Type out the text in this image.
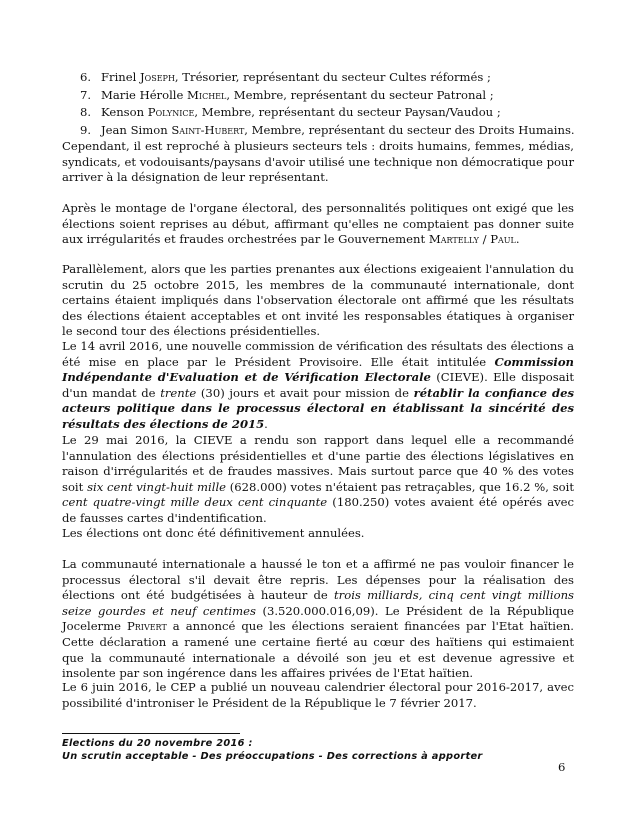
6. Frinel Joseph, Trésorier, représentant du secteur Cultes réformés ;
7. Marie Hérolle Michel, Membre, représentant du secteur Patronal ;
8. Kenson Polynice, Membre, représentant du secteur Paysan/Vaudou ;
9. Jean Simon Saint-Hubert, Membre, représentant du secteur des Droits Humains.

Cependant, il est reproché à plusieurs secteurs tels : droits humains, femmes, médias, syndicats, et vodouisants/paysans d'avoir utilisé une technique non démocratique pour arriver à la désignation de leur représentant.

Après le montage de l'organe électoral, des personnalités politiques ont exigé que les élections soient reprises au début, affirmant qu'elles ne comptaient pas donner suite aux irrégularités et fraudes orchestrées par le Gouvernement Martelly / Paul.

Parallèlement, alors que les parties prenantes aux élections exigeaient l'annulation du scrutin du 25 octobre 2015, les membres de la communauté internationale, dont certains étaient impliqués dans l'observation électorale ont affirmé que les résultats des élections étaient acceptables et ont invité les responsables étatiques à organiser le second tour des élections présidentielles.

Le 14 avril 2016, une nouvelle commission de vérification des résultats des élections a été mise en place par le Président Provisoire. Elle était intitulée Commission Indépendante d'Evaluation et de Vérification Electorale (CIEVE). Elle disposait d'un mandat de trente (30) jours et avait pour mission de rétablir la confiance des acteurs politique dans le processus électoral en établissant la sincérité des résultats des élections de 2015.

Le 29 mai 2016, la CIEVE a rendu son rapport dans lequel elle a recommandé l'annulation des élections présidentielles et d'une partie des élections législatives en raison d'irrégularités et de fraudes massives. Mais surtout parce que 40 % des votes soit six cent vingt-huit mille (628.000) votes n'étaient pas retraçables, que 16.2 %, soit cent quatre-vingt mille deux cent cinquante (180.250) votes avaient été opérés avec de fausses cartes d'indentification.

Les élections ont donc été définitivement annulées.

La communauté internationale a haussé le ton et a affirmé ne pas vouloir financer le processus électoral s'il devait être repris. Les dépenses pour la réalisation des élections ont été budgétisées à hauteur de trois milliards, cinq cent vingt millions seize gourdes et neuf centimes (3.520.000.016,09). Le Président de la République Jocelerme Privert a annoncé que les élections seraient financées par l'Etat haïtien. Cette déclaration a ramené une certaine fierté au cœur des haïtiens qui estimaient que la communauté internationale a dévoilé son jeu et est devenue agressive et insolente par son ingérence dans les affaires privées de l'Etat haïtien.

Le 6 juin 2016, le CEP a publié un nouveau calendrier électoral pour 2016-2017, avec possibilité d'introniser le Président de la République le 7 février 2017.

Elections du 20 novembre 2016 :
Un scrutin acceptable - Des préoccupations - Des corrections à apporter
6
